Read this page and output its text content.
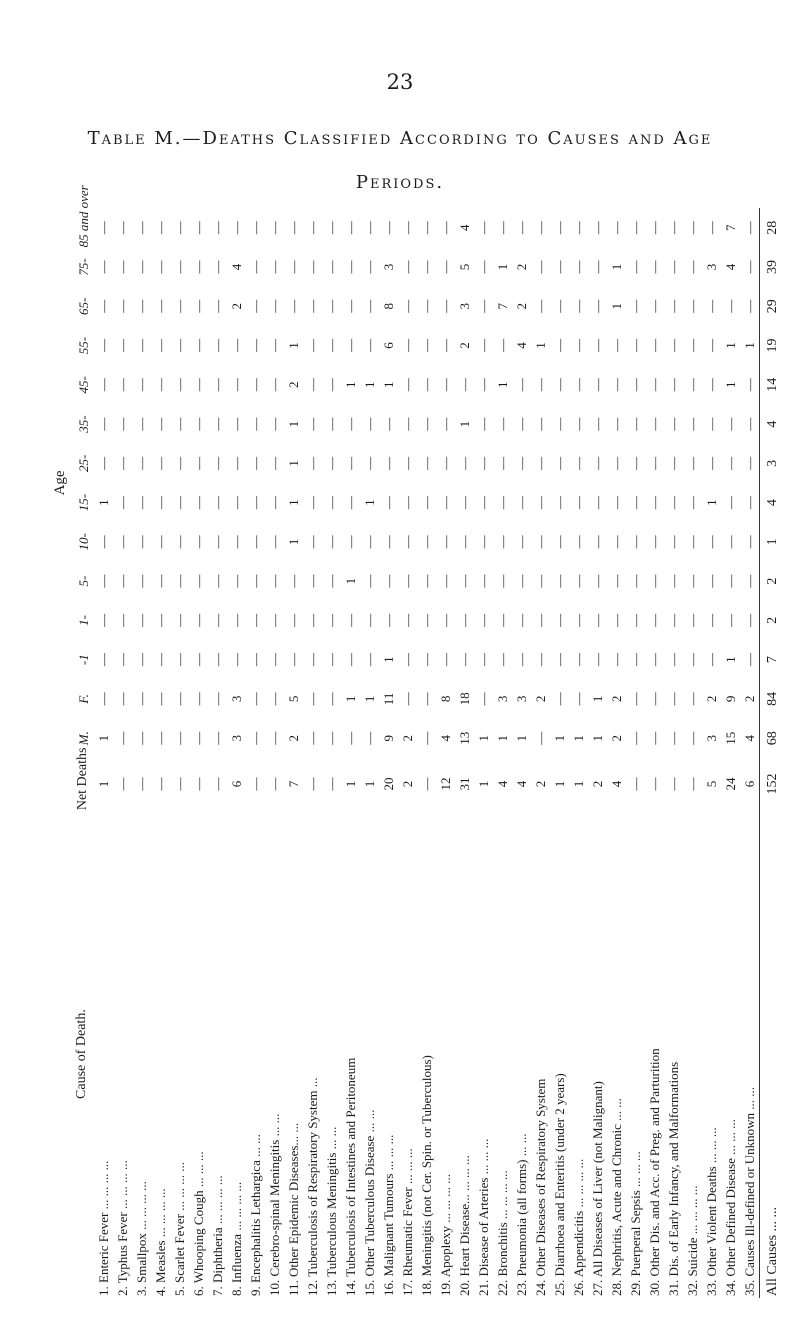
23
Table M.—Deaths Classified According to Causes and Age
Periods.
Cause of Death.	Net Deaths	Age													
		M.	F.	-1	1-	5-	10-	15-	25-	35-	45-	55-	65-	75-	85 and over
1. Enteric Fever ... ... ... ...	1	1	—	—	—	—	—	1	—	—	—	—	—	—	—
2. Typhus Fever ... ... ... ...	—	—	—	—	—	—	—	—	—	—	—	—	—	—	—
3. Smallpox ... ... ... ...	—	—	—	—	—	—	—	—	—	—	—	—	—	—	—
4. Measles ... ... ... ...	—	—	—	—	—	—	—	—	—	—	—	—	—	—	—
5. Scarlet Fever ... ... ... ...	—	—	—	—	—	—	—	—	—	—	—	—	—	—	—
6. Whooping Cough ... ... ...	—	—	—	—	—	—	—	—	—	—	—	—	—	—	—
7. Diphtheria ... ... ... ...	—	—	—	—	—	—	—	—	—	—	—	—	—	—	—
8. Influenza ... ... ... ...	6	3	3	—	—	—	—	—	—	—	—	—	2	4	—
9. Encephalitis Lethargica ... ...	—	—	—	—	—	—	—	—	—	—	—	—	—	—	—
10. Cerebro-spinal Meningitis ... ...	—	—	—	—	—	—	—	—	—	—	—	—	—	—	—
11. Other Epidemic Diseases... ...	7	2	5	—	—	—	1	1	1	1	2	1	—	—	—
12. Tuberculosis of Respiratory System ...	—	—	—	—	—	—	—	—	—	—	—	—	—	—	—
13. Tuberculous Meningitis ... ...	—	—	—	—	—	—	—	—	—	—	—	—	—	—	—
14. Tuberculosis of Intestines and Peritoneum	1	—	1	—	—	1	—	—	—	—	1	—	—	—	—
15. Other Tuberculous Disease ... ...	1	—	1	—	—	—	—	1	—	—	1	—	—	—	—
16. Malignant Tumours ... ... ...	20	9	11	1	—	—	—	—	—	—	1	6	8	3	—
17. Rheumatic Fever ... ... ...	2	2	—	—	—	—	—	—	—	—	—	—	—	—	—
18. Meningitis (not Cer. Spin. or Tuberculous)	—	—	—	—	—	—	—	—	—	—	—	—	—	—	—
19. Apoplexy ... ... ... ...	12	4	8	—	—	—	—	—	—	—	—	—	—	—	—
20. Heart Disease... ... ... ...	31	13	18	—	—	—	—	—	—	1	—	2	3	5	4
21. Disease of Arteries ... ... ...	1	1	—	—	—	—	—	—	—	—	—	—	—	—	—
22. Bronchitis ... ... ... ...	4	1	3	—	—	—	—	—	—	—	1	—	7	1	—
23. Pneumonia (all forms) ... ...	4	1	3	—	—	—	—	—	—	—	—	4	2	2	—
24. Other Diseases of Respiratory System	2	—	2	—	—	—	—	—	—	—	—	1	—	—	—
25. Diarrhoea and Enteritis (under 2 years)	1	1	—	—	—	—	—	—	—	—	—	—	—	—	—
26. Appendicitis ... ... ... ...	1	1	—	—	—	—	—	—	—	—	—	—	—	—	—
27. All Diseases of Liver (not Malignant)	2	1	1	—	—	—	—	—	—	—	—	—	—	—	—
28. Nephritis, Acute and Chronic ... ...	4	2	2	—	—	—	—	—	—	—	—	—	1	1	—
29. Puerperal Sepsis ... ... ...	—	—	—	—	—	—	—	—	—	—	—	—	—	—	—
30. Other Dis. and Acc. of Preg. and Parturition	—	—	—	—	—	—	—	—	—	—	—	—	—	—	—
31. Dis. of Early Infancy, and Malformations	—	—	—	—	—	—	—	—	—	—	—	—	—	—	—
32. Suicide ... ... ... ...	—	—	—	—	—	—	—	—	—	—	—	—	—	—	—
33. Other Violent Deaths ... ... ...	5	3	2	—	—	—	—	1	—	—	—	—	—	3	—
34. Other Defined Disease ... ... ...	24	15	9	1	—	—	—	—	—	—	1	1	—	4	7
35. Causes Ill-defined or Unknown ... ...	6	4	2	—	—	—	—	—	—	—	—	1	—	—	—
All Causes ... ...	152	68	84	7	2	2	1	4	3	4	14	19	29	39	28
